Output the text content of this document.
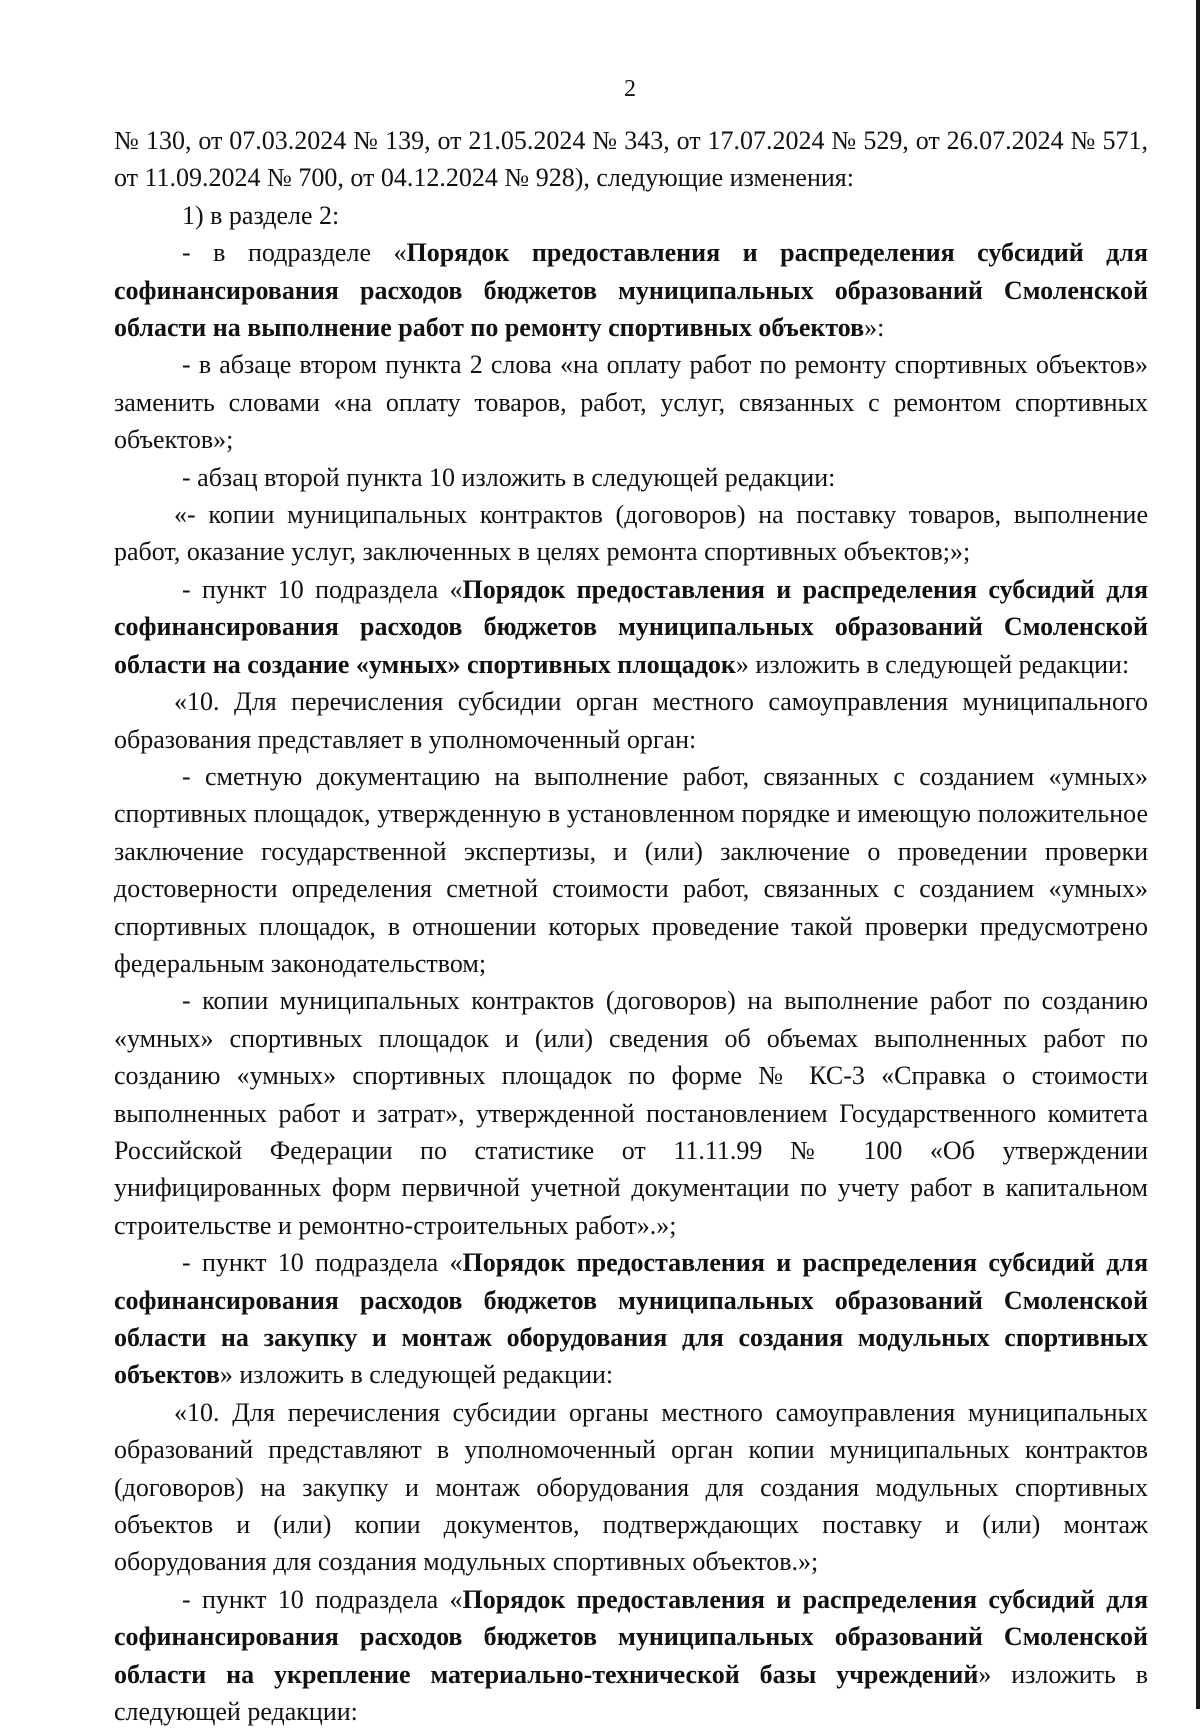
2

№ 130, от 07.03.2024 № 139, от 21.05.2024 № 343, от 17.07.2024 № 529, от 26.07.2024 № 571, от 11.09.2024 № 700, от 04.12.2024 № 928), следующие изменения:

1) в разделе 2:

- в подразделе «Порядок предоставления и распределения субсидий для софинансирования расходов бюджетов муниципальных образований Смоленской области на выполнение работ по ремонту спортивных объектов»:

- в абзаце втором пункта 2 слова «на оплату работ по ремонту спортивных объектов» заменить словами «на оплату товаров, работ, услуг, связанных с ремонтом спортивных объектов»;

- абзац второй пункта 10 изложить в следующей редакции:

«- копии муниципальных контрактов (договоров) на поставку товаров, выполнение работ, оказание услуг, заключенных в целях ремонта спортивных объектов;»;

- пункт 10 подраздела «Порядок предоставления и распределения субсидий для софинансирования расходов бюджетов муниципальных образований Смоленской области на создание «умных» спортивных площадок» изложить в следующей редакции:

«10. Для перечисления субсидии орган местного самоуправления муниципального образования представляет в уполномоченный орган:

- сметную документацию на выполнение работ, связанных с созданием «умных» спортивных площадок, утвержденную в установленном порядке и имеющую положительное заключение государственной экспертизы, и (или) заключение о проведении проверки достоверности определения сметной стоимости работ, связанных с созданием «умных» спортивных площадок, в отношении которых проведение такой проверки предусмотрено федеральным законодательством;

- копии муниципальных контрактов (договоров) на выполнение работ по созданию «умных» спортивных площадок и (или) сведения об объемах выполненных работ по созданию «умных» спортивных площадок по форме № КС-3 «Справка о стоимости выполненных работ и затрат», утвержденной постановлением Государственного комитета Российской Федерации по статистике от 11.11.99 № 100 «Об утверждении унифицированных форм первичной учетной документации по учету работ в капитальном строительстве и ремонтно-строительных работ».»;

- пункт 10 подраздела «Порядок предоставления и распределения субсидий для софинансирования расходов бюджетов муниципальных образований Смоленской области на закупку и монтаж оборудования для создания модульных спортивных объектов» изложить в следующей редакции:

«10. Для перечисления субсидии органы местного самоуправления муниципальных образований представляют в уполномоченный орган копии муниципальных контрактов (договоров) на закупку и монтаж оборудования для создания модульных спортивных объектов и (или) копии документов, подтверждающих поставку и (или) монтаж оборудования для создания модульных спортивных объектов.»;

- пункт 10 подраздела «Порядок предоставления и распределения субсидий для софинансирования расходов бюджетов муниципальных образований Смоленской области на укрепление материально-технической базы учреждений» изложить в следующей редакции:
